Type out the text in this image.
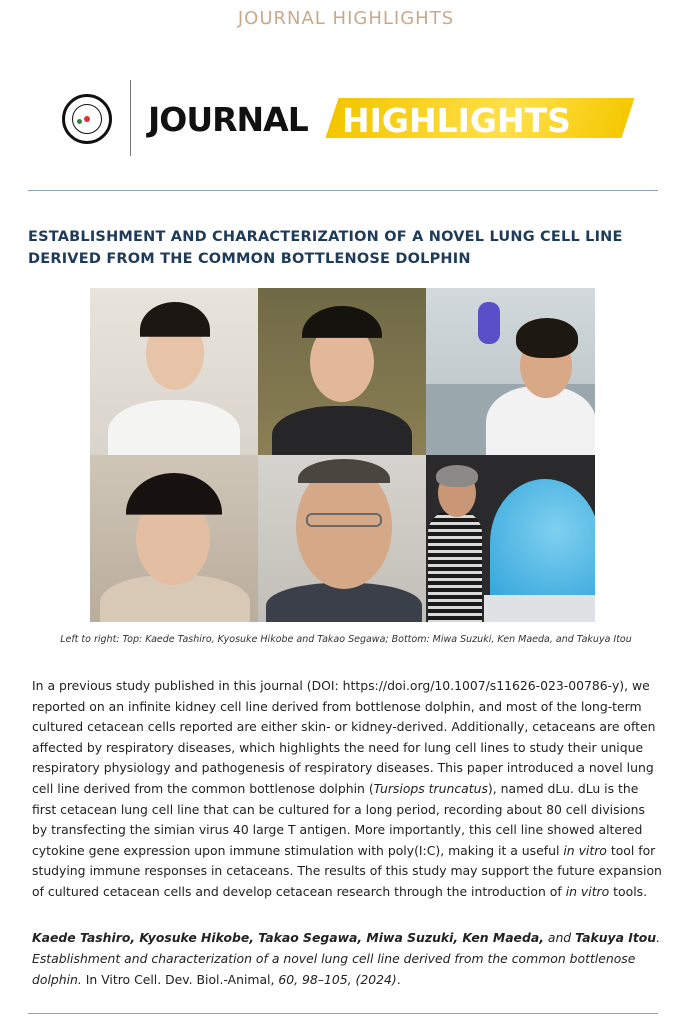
JOURNAL HIGHLIGHTS
JOURNAL HIGHLIGHTS
ESTABLISHMENT AND CHARACTERIZATION OF A NOVEL LUNG CELL LINE
DERIVED FROM THE COMMON BOTTLENOSE DOLPHIN
Left to right: Top: Kaede Tashiro, Kyosuke Hikobe and Takao Segawa; Bottom: Miwa Suzuki, Ken Maeda, and Takuya Itou

In a previous study published in this journal (DOI: https://doi.org/10.1007/s11626-023-00786-y), we reported on an infinite kidney cell line derived from bottlenose dolphin, and most of the long-term cultured cetacean cells reported are either skin- or kidney-derived. Additionally, cetaceans are often affected by respiratory diseases, which highlights the need for lung cell lines to study their unique respiratory physiology and pathogenesis of respiratory diseases. This paper introduced a novel lung cell line derived from the common bottlenose dolphin (Tursiops truncatus), named dLu. dLu is the first cetacean lung cell line that can be cultured for a long period, recording about 80 cell divisions by transfecting the simian virus 40 large T antigen. More importantly, this cell line showed altered cytokine gene expression upon immune stimulation with poly(I:C), making it a useful in vitro tool for studying immune responses in cetaceans. The results of this study may support the future expansion of cultured cetacean cells and develop cetacean research through the introduction of in vitro tools.

Kaede Tashiro, Kyosuke Hikobe, Takao Segawa, Miwa Suzuki, Ken Maeda, and Takuya Itou. Establishment and characterization of a novel lung cell line derived from the common bottlenose dolphin. In Vitro Cell. Dev. Biol.-Animal, 60, 98–105, (2024).
